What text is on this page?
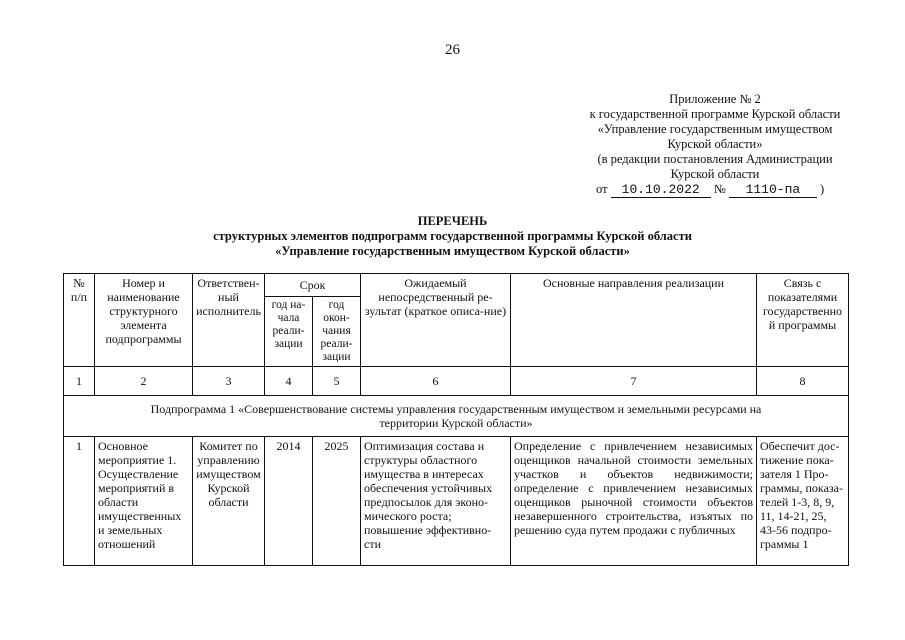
26
Приложение № 2
к государственной программе Курской области
«Управление государственным имуществом
Курской области»
(в редакции постановления Администрации
Курской области
от 10.10.2022 № 1110-па )
ПЕРЕЧЕНЬ
структурных элементов подпрограмм государственной программы Курской области
«Управление государственным имуществом Курской области»
№ п/п	Номер и наименование структурного элемента подпрограммы	Ответствен-ный исполнитель	Срок		Ожидаемый непосредственный ре-зультат (краткое описа-ние)	Основные направления реализации	Связь с показателями государственной программы
			год на-чала реали-зации	год окон-чания реали-зации			
1	2	3	4	5	6	7	8
Подпрограмма 1 «Совершенствование системы управления государственным имуществом и земельными ресурсами на территории Курской области»							
1	Основное мероприятие 1. Осуществление мероприятий в области имущественных и земельных отношений	Комитет по управлению имуществом Курской области	2014	2025	Оптимизация состава и структуры областного имущества в интересах обеспечения устойчивых предпосылок для эконо-мического роста; повышение эффективно-сти	Определение с привлечением независимых оценщиков начальной стоимости земельных участков и объектов недвижимости; определение с привлечением независимых оценщиков рыночной стоимости объектов незавершенного строительства, изъятых по решению суда путем продажи с публичных	Обеспечит дос-тижение пока-зателя 1 Про-граммы, показа-телей 1-3, 8, 9, 11, 14-21, 25, 43-56 подпро-граммы 1
